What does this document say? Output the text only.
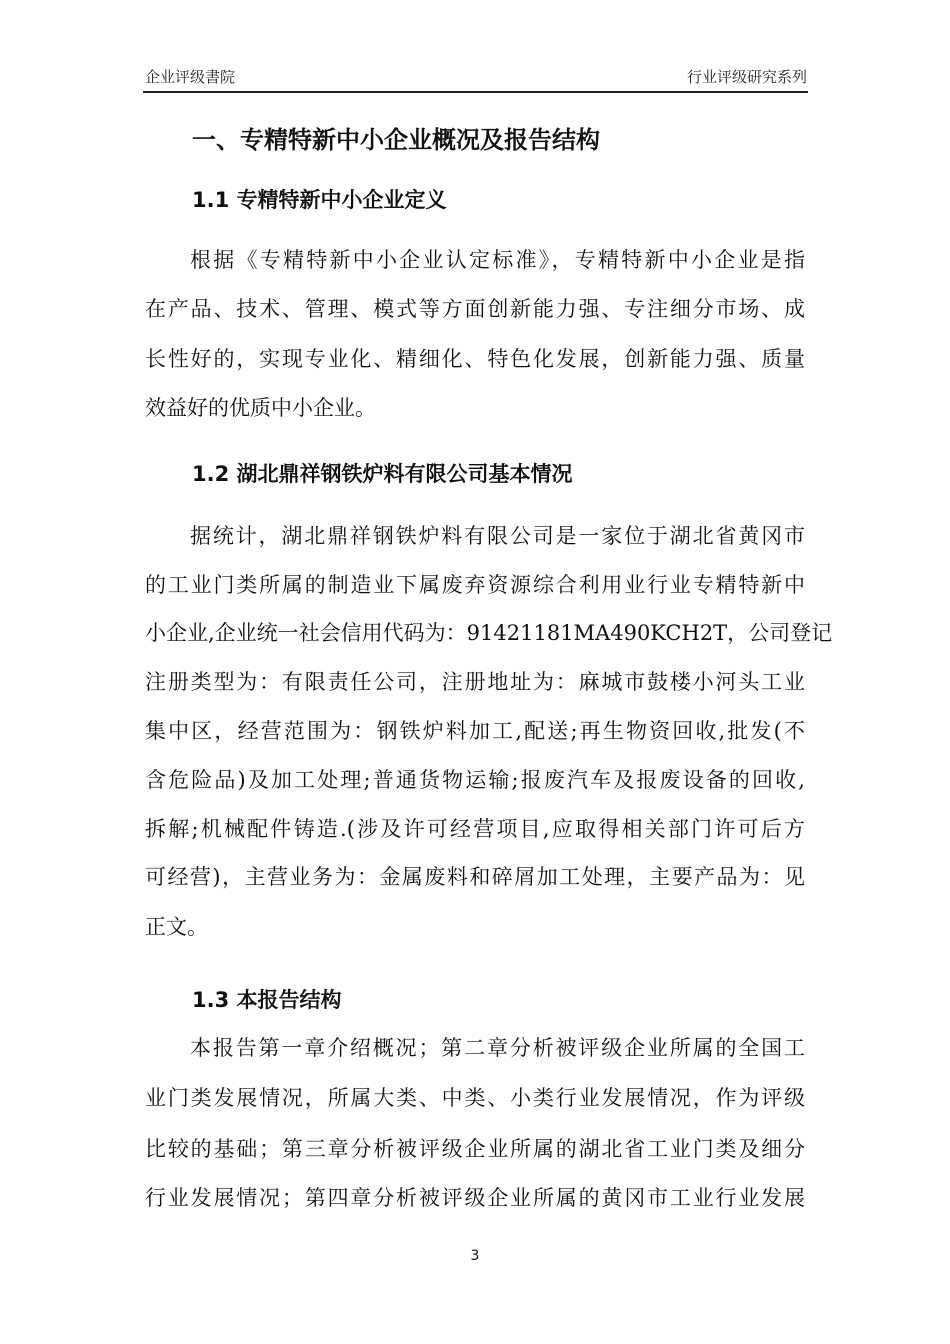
企业评级書院	行业评级研究系列
一、专精特新中小企业概况及报告结构
1.1 专精特新中小企业定义
根据《专精特新中小企业认定标准》，专精特新中小企业是指
在产品、技术、管理、模式等方面创新能力强、专注细分市场、成
长性好的，实现专业化、精细化、特色化发展，创新能力强、质量
效益好的优质中小企业。
1.2 湖北鼎祥钢铁炉料有限公司基本情况
据统计，湖北鼎祥钢铁炉料有限公司是一家位于湖北省黄冈市
的工业门类所属的制造业下属废弃资源综合利用业行业专精特新中
小企业,企业统一社会信用代码为：91421181MA490KCH2T，公司登记
注册类型为：有限责任公司，注册地址为：麻城市鼓楼小河头工业
集中区，经营范围为：钢铁炉料加工,配送;再生物资回收,批发(不
含危险品)及加工处理;普通货物运输;报废汽车及报废设备的回收,
拆解;机械配件铸造.(涉及许可经营项目,应取得相关部门许可后方
可经营)，主营业务为：金属废料和碎屑加工处理，主要产品为：见
正文。
1.3 本报告结构
本报告第一章介绍概况；第二章分析被评级企业所属的全国工
业门类发展情况，所属大类、中类、小类行业发展情况，作为评级
比较的基础；第三章分析被评级企业所属的湖北省工业门类及细分
行业发展情况；第四章分析被评级企业所属的黄冈市工业行业发展
3
